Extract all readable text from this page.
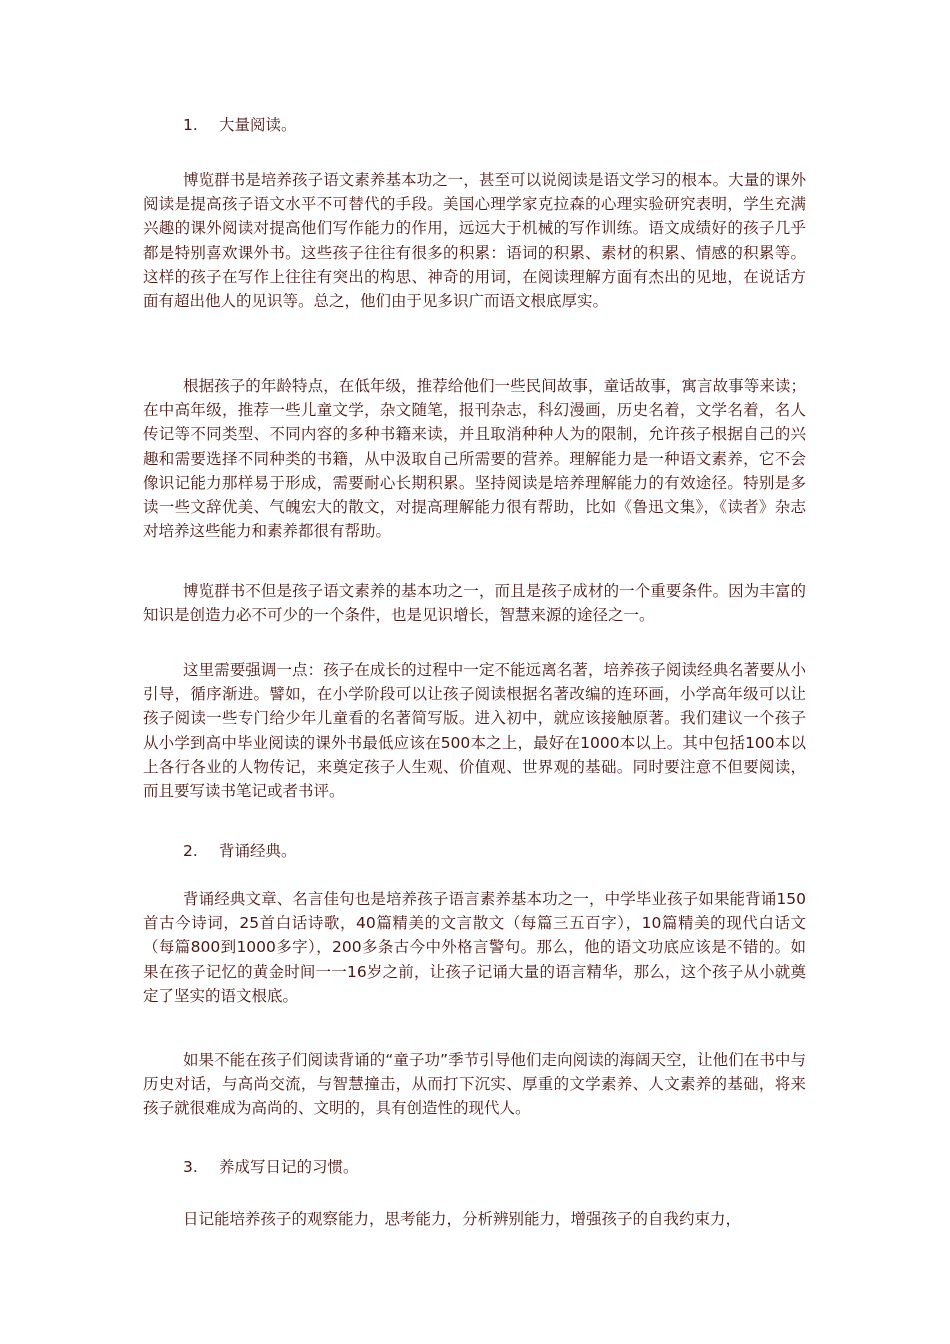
1. 大量阅读。

博览群书是培养孩子语文素养基本功之一，甚至可以说阅读是语文学习的根本。大量的课外阅读是提高孩子语文水平不可替代的手段。美国心理学家克拉森的心理实验研究表明，学生充满兴趣的课外阅读对提高他们写作能力的作用，远远大于机械的写作训练。语文成绩好的孩子几乎都是特别喜欢课外书。这些孩子往往有很多的积累：语词的积累、素材的积累、情感的积累等。这样的孩子在写作上往往有突出的构思、神奇的用词，在阅读理解方面有杰出的见地，在说话方面有超出他人的见识等。总之，他们由于见多识广而语文根底厚实。

根据孩子的年龄特点，在低年级，推荐给他们一些民间故事，童话故事，寓言故事等来读；在中高年级，推荐一些儿童文学，杂文随笔，报刊杂志，科幻漫画，历史名着，文学名着，名人传记等不同类型、不同内容的多种书籍来读，并且取消种种人为的限制，允许孩子根据自己的兴趣和需要选择不同种类的书籍，从中汲取自己所需要的营养。理解能力是一种语文素养，它不会像识记能力那样易于形成，需要耐心长期积累。坚持阅读是培养理解能力的有效途径。特别是多读一些文辞优美、气魄宏大的散文，对提高理解能力很有帮助，比如《鲁迅文集》，《读者》杂志对培养这些能力和素养都很有帮助。

博览群书不但是孩子语文素养的基本功之一，而且是孩子成材的一个重要条件。因为丰富的知识是创造力必不可少的一个条件，也是见识增长，智慧来源的途径之一。

这里需要强调一点：孩子在成长的过程中一定不能远离名著，培养孩子阅读经典名著要从小引导，循序渐进。譬如，在小学阶段可以让孩子阅读根据名著改编的连环画，小学高年级可以让孩子阅读一些专门给少年儿童看的名著简写版。进入初中，就应该接触原著。我们建议一个孩子从小学到高中毕业阅读的课外书最低应该在500本之上，最好在1000本以上。其中包括100本以上各行各业的人物传记，来奠定孩子人生观、价值观、世界观的基础。同时要注意不但要阅读，而且要写读书笔记或者书评。

2. 背诵经典。

背诵经典文章、名言佳句也是培养孩子语言素养基本功之一，中学毕业孩子如果能背诵150首古今诗词，25首白话诗歌，40篇精美的文言散文（每篇三五百字），10篇精美的现代白话文（每篇800到1000多字），200多条古今中外格言警句。那么，他的语文功底应该是不错的。如果在孩子记忆的黄金时间一一16岁之前，让孩子记诵大量的语言精华，那么，这个孩子从小就奠定了坚实的语文根底。

如果不能在孩子们阅读背诵的“童子功”季节引导他们走向阅读的海阔天空，让他们在书中与历史对话，与高尚交流，与智慧撞击，从而打下沉实、厚重的文学素养、人文素养的基础，将来孩子就很难成为高尚的、文明的，具有创造性的现代人。

3. 养成写日记的习惯。

日记能培养孩子的观察能力，思考能力，分析辨别能力，增强孩子的自我约束力，
